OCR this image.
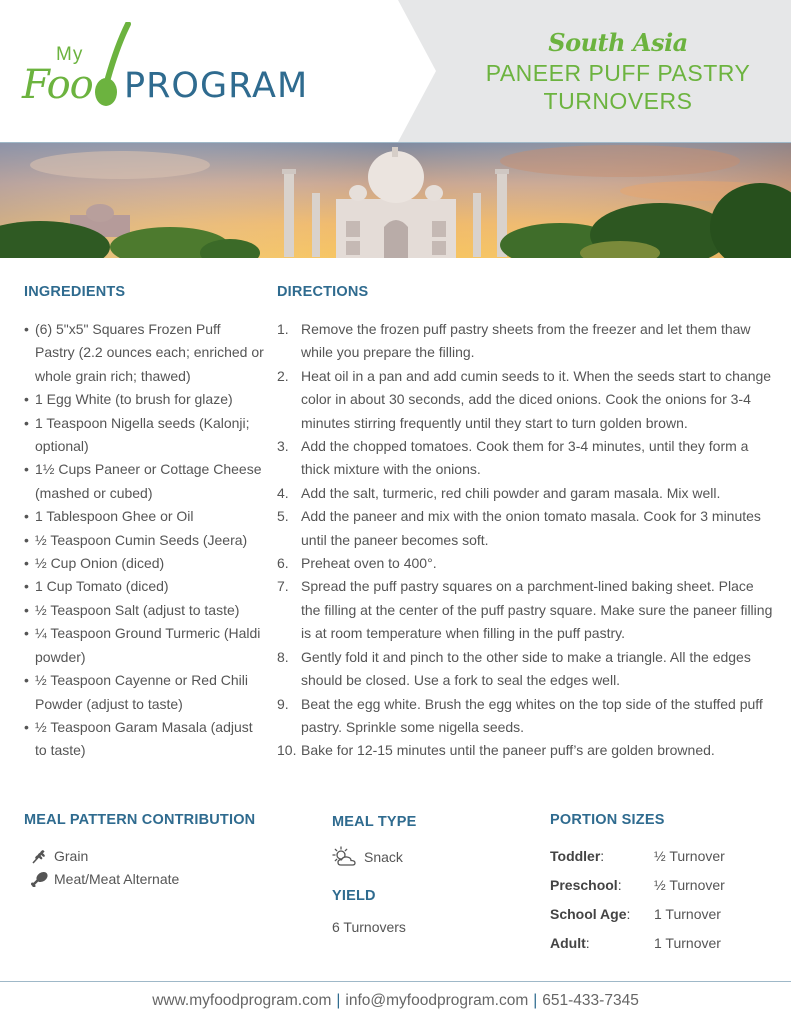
My
Foo PROGRAM
South Asia
PANEER PUFF PASTRY
TURNOVERS
INGREDIENTS
• (6) 5"x5" Squares Frozen Puff Pastry (2.2 ounces each; enriched or whole grain rich; thawed)
• 1 Egg White (to brush for glaze)
• 1 Teaspoon Nigella seeds (Kalonji; optional)
• 1½ Cups Paneer or Cottage Cheese (mashed or cubed)
• 1 Tablespoon Ghee or Oil
• ½ Teaspoon Cumin Seeds (Jeera)
• ½ Cup Onion (diced)
• 1 Cup Tomato (diced)
• ½ Teaspoon Salt (adjust to taste)
• ¼ Teaspoon Ground Turmeric (Haldi powder)
• ½ Teaspoon Cayenne or Red Chili Powder (adjust to taste)
• ½ Teaspoon Garam Masala (adjust to taste)
DIRECTIONS
1. Remove the frozen puff pastry sheets from the freezer and let them thaw while you prepare the filling.
2. Heat oil in a pan and add cumin seeds to it. When the seeds start to change color in about 30 seconds, add the diced onions. Cook the onions for 3-4 minutes stirring frequently until they start to turn golden brown.
3. Add the chopped tomatoes. Cook them for 3-4 minutes, until they form a thick mixture with the onions.
4. Add the salt, turmeric, red chili powder and garam masala. Mix well.
5. Add the paneer and mix with the onion tomato masala. Cook for 3 minutes until the paneer becomes soft.
6. Preheat oven to 400°.
7. Spread the puff pastry squares on a parchment-lined baking sheet. Place the filling at the center of the puff pastry square. Make sure the paneer filling is at room temperature when filling in the puff pastry.
8. Gently fold it and pinch to the other side to make a triangle. All the edges should be closed. Use a fork to seal the edges well.
9. Beat the egg white. Brush the egg whites on the top side of the stuffed puff pastry. Sprinkle some nigella seeds.
10. Bake for 12-15 minutes until the paneer puff’s are golden browned.
MEAL PATTERN CONTRIBUTION
Grain
Meat/Meat Alternate
MEAL TYPE
Snack
YIELD
6 Turnovers
PORTION SIZES
Toddler:	½ Turnover
Preschool:	½ Turnover
School Age:	1 Turnover
Adult:	1 Turnover
www.myfoodprogram.com | info@myfoodprogram.com | 651-433-7345
